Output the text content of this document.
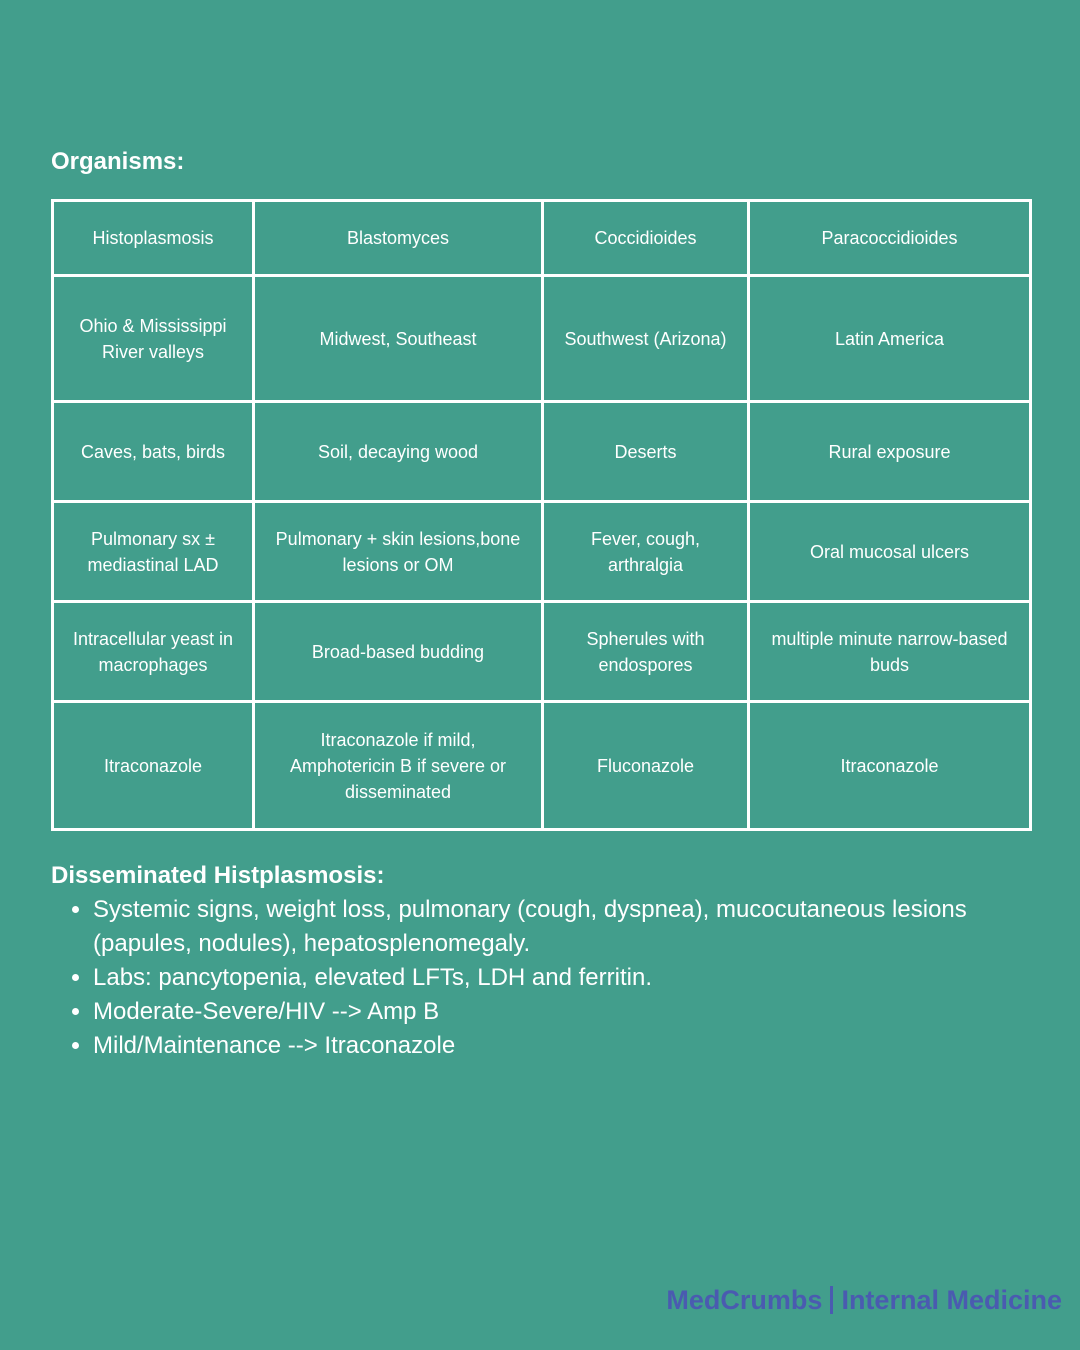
Organisms:
Histoplasmosis	Blastomyces	Coccidioides	Paracoccidioides
Ohio & Mississippi River valleys	Midwest, Southeast	Southwest (Arizona)	Latin America
Caves, bats, birds	Soil, decaying wood	Deserts	Rural exposure
Pulmonary sx ± mediastinal LAD	Pulmonary + skin lesions,bone lesions or OM	Fever, cough, arthralgia	Oral mucosal ulcers
Intracellular yeast in macrophages	Broad-based budding	Spherules with endospores	multiple minute narrow-based buds
Itraconazole	Itraconazole if mild, Amphotericin B if severe or disseminated	Fluconazole	Itraconazole
Disseminated Histplasmosis:
• Systemic signs, weight loss, pulmonary (cough, dyspnea), mucocutaneous lesions (papules, nodules), hepatosplenomegaly.
• Labs: pancytopenia, elevated LFTs, LDH and ferritin.
• Moderate-Severe/HIV --> Amp B
• Mild/Maintenance --> Itraconazole
MedCrumbs Internal Medicine
